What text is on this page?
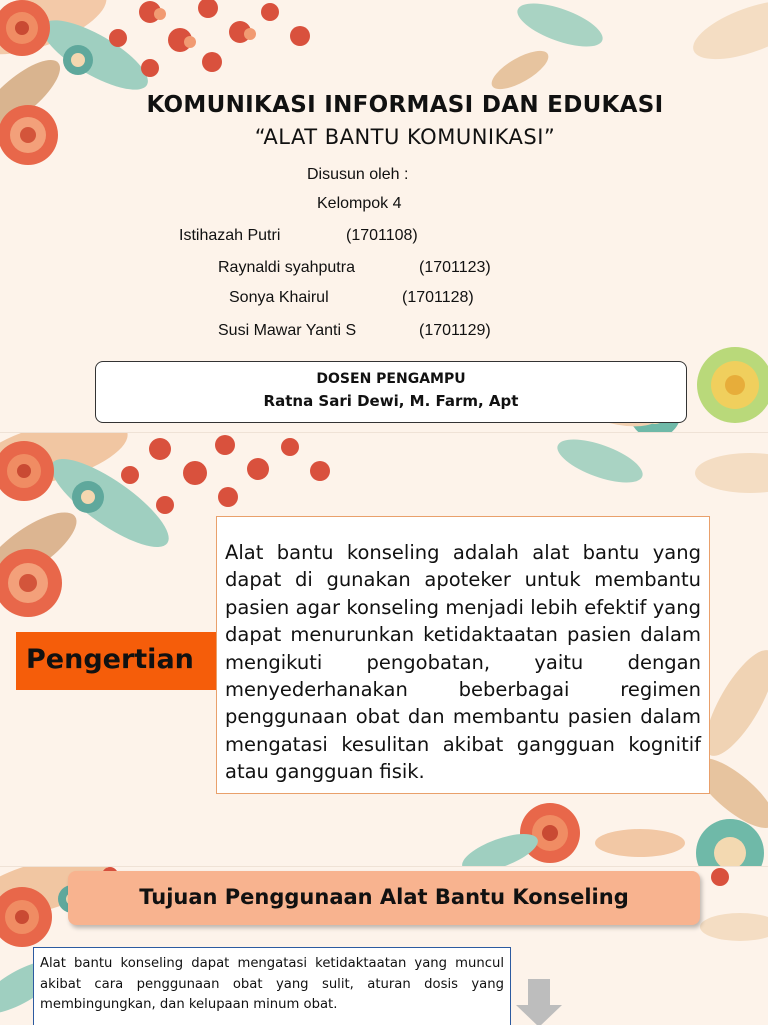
KOMUNIKASI INFORMASI DAN EDUKASI
“ALAT BANTU KOMUNIKASI”
Disusun oleh :
Kelompok 4
Istihazah Putri	(1701108)
Raynaldi syahputra	(1701123)
Sonya Khairul	(1701128)
Susi Mawar Yanti S	(1701129)
DOSEN PENGAMPU
Ratna Sari Dewi, M. Farm, Apt
Pengertian

Alat bantu konseling adalah alat bantu yang dapat di gunakan apoteker untuk membantu pasien agar konseling menjadi lebih efektif yang dapat menurunkan ketidaktaatan pasien dalam mengikuti pengobatan, yaitu dengan menyederhanakan beberbagai regimen penggunaan obat dan membantu pasien dalam mengatasi kesulitan akibat gangguan kognitif atau gangguan fisik.

Tujuan Penggunaan Alat Bantu Konseling

Alat bantu konseling dapat mengatasi ketidaktaatan yang muncul akibat cara penggunaan obat yang sulit, aturan dosis yang membingungkan, dan kelupaan minum obat.
